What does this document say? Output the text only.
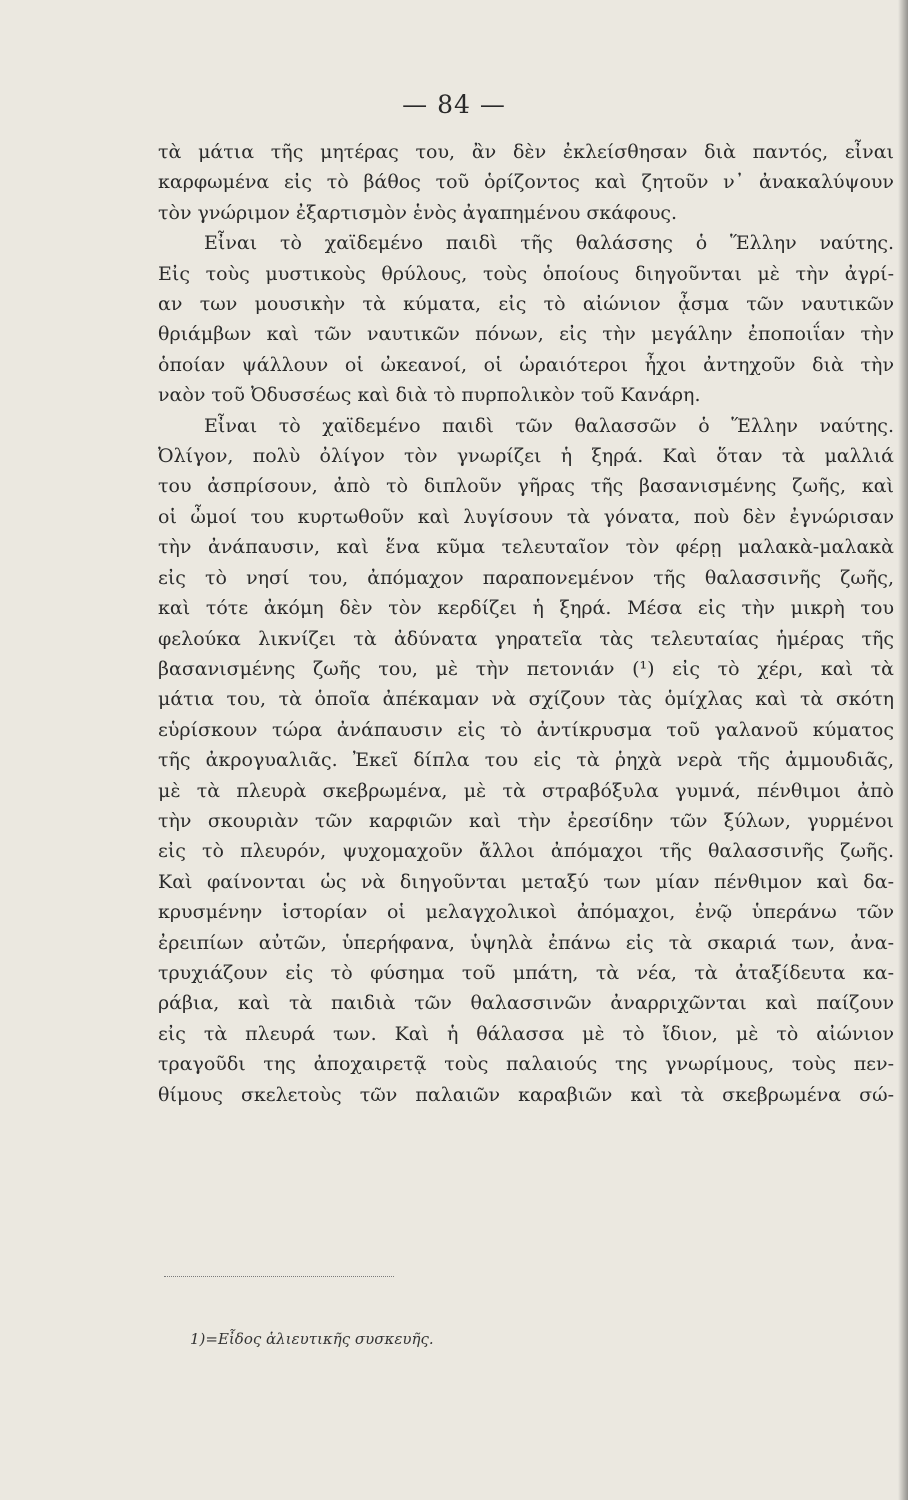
— 84 —
τὰ μάτια τῆς μητέρας του, ἂν δὲν ἐκλείσθησαν διὰ παντός, εἶναι
καρφωμένα εἰς τὸ βάθος τοῦ ὁρίζοντος καὶ ζητοῦν ν᾽ ἀνακαλύψουν
τὸν γνώριμον ἐξαρτισμὸν ἑνὸς ἀγαπημένου σκάφους.
Εἶναι τὸ χαϊδεμένο παιδὶ τῆς θαλάσσης ὁ Ἕλλην ναύτης.
Εἰς τοὺς μυστικοὺς θρύλους, τοὺς ὁποίους διηγοῦνται μὲ τὴν ἀγρί-
αν των μουσικὴν τὰ κύματα, εἰς τὸ αἰώνιον ᾆσμα τῶν ναυτικῶν
θριάμβων καὶ τῶν ναυτικῶν πόνων, εἰς τὴν μεγάλην ἐποποιΐαν τὴν
ὁποίαν ψάλλουν οἱ ὠκεανοί, οἱ ὡραιότεροι ἦχοι ἀντηχοῦν διὰ τὴν
ναὸν τοῦ Ὀδυσσέως καὶ διὰ τὸ πυρπολικὸν τοῦ Κανάρη.
Εἶναι τὸ χαϊδεμένο παιδὶ τῶν θαλασσῶν ὁ Ἕλλην ναύτης.
Ὀλίγον, πολὺ ὀλίγον τὸν γνωρίζει ἡ ξηρά. Καὶ ὅταν τὰ μαλλιά
του ἀσπρίσουν, ἀπὸ τὸ διπλοῦν γῆρας τῆς βασανισμένης ζωῆς, καὶ
οἱ ὦμοί του κυρτωθοῦν καὶ λυγίσουν τὰ γόνατα, ποὺ δὲν ἐγνώρισαν
τὴν ἀνάπαυσιν, καὶ ἕνα κῦμα τελευταῖον τὸν φέρῃ μαλακὰ-μαλακὰ
εἰς τὸ νησί του, ἀπόμαχον παραπονεμένον τῆς θαλασσινῆς ζωῆς,
καὶ τότε ἀκόμη δὲν τὸν κερδίζει ἡ ξηρά. Μέσα εἰς τὴν μικρὴ του
φελούκα λικνίζει τὰ ἀδύνατα γηρατεῖα τὰς τελευταίας ἡμέρας τῆς
βασανισμένης ζωῆς του, μὲ τὴν πετονιάν (¹) εἰς τὸ χέρι, καὶ τὰ
μάτια του, τὰ ὁποῖα ἀπέκαμαν νὰ σχίζουν τὰς ὁμίχλας καὶ τὰ σκότη
εὑρίσκουν τώρα ἀνάπαυσιν εἰς τὸ ἀντίκρυσμα τοῦ γαλανοῦ κύματος
τῆς ἀκρογυαλιᾶς. Ἐκεῖ δίπλα του εἰς τὰ ῥηχὰ νερὰ τῆς ἀμμουδιᾶς,
μὲ τὰ πλευρὰ σκεβρωμένα, μὲ τὰ στραβόξυλα γυμνά, πένθιμοι ἀπὸ
τὴν σκουριὰν τῶν καρφιῶν καὶ τὴν ἐρεσίδην τῶν ξύλων, γυρμένοι
εἰς τὸ πλευρόν, ψυχομαχοῦν ἄλλοι ἀπόμαχοι τῆς θαλασσινῆς ζωῆς.
Καὶ φαίνονται ὡς νὰ διηγοῦνται μεταξύ των μίαν πένθιμον καὶ δα-
κρυσμένην ἱστορίαν οἱ μελαγχολικοὶ ἀπόμαχοι, ἐνῷ ὑπεράνω τῶν
ἐρειπίων αὐτῶν, ὑπερήφανα, ὑψηλὰ ἐπάνω εἰς τὰ σκαριά των, ἀνα-
τρυχιάζουν εἰς τὸ φύσημα τοῦ μπάτη, τὰ νέα, τὰ ἀταξίδευτα κα-
ράβια, καὶ τὰ παιδιὰ τῶν θαλασσινῶν ἀναρριχῶνται καὶ παίζουν
εἰς τὰ πλευρά των. Καὶ ἡ θάλασσα μὲ τὸ ἴδιον, μὲ τὸ αἰώνιον
τραγοῦδι της ἀποχαιρετᾷ τοὺς παλαιούς της γνωρίμους, τοὺς πεν-
θίμους σκελετοὺς τῶν παλαιῶν καραβιῶν καὶ τὰ σκεβρωμένα σώ-
1)=Εἶδος ἁλιευτικῆς συσκευῆς.
